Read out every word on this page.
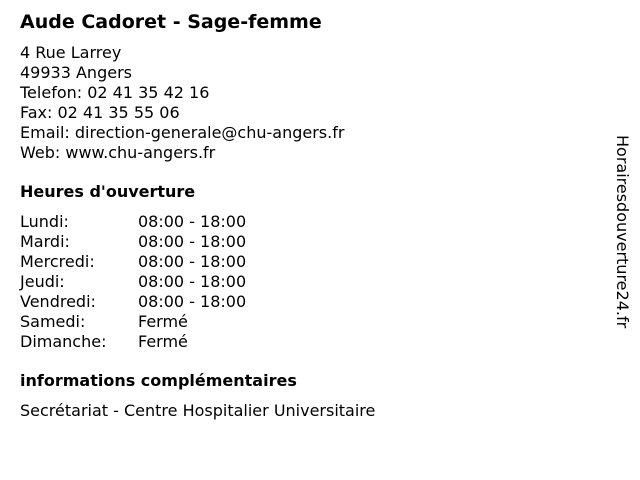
Aude Cadoret - Sage-femme
4 Rue Larrey
49933 Angers
Telefon: 02 41 35 42 16
Fax: 02 41 35 55 06
Email: direction-generale@chu-angers.fr
Web: www.chu-angers.fr
Heures d'ouverture
Lundi:	08:00 - 18:00
Mardi:	08:00 - 18:00
Mercredi:	08:00 - 18:00
Jeudi:	08:00 - 18:00
Vendredi:	08:00 - 18:00
Samedi:	Fermé
Dimanche: Fermé
informations complémentaires
Secrétariat - Centre Hospitalier Universitaire
Horairesdouverture24.fr
